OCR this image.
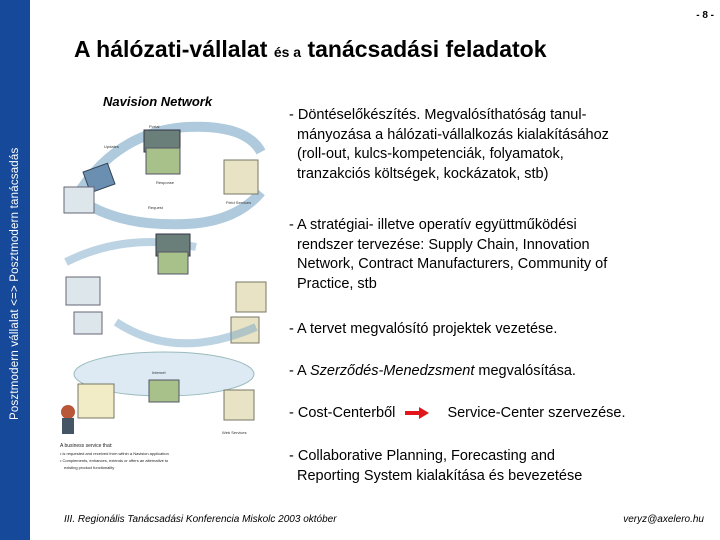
Posztmodern vállalat <=> Posztmodern tanácsadás
- 8 -
A hálózati-vállalat és a tanácsadási feladatok
Navision Network
Updates
Portal
Response
Field Services
Request
Internet
Web Services
A business service that:
• is requested and received from within a Navision application
• Complements, enhances, extends or offers an alternative to
existing product functionality
- Döntéselőkészítés. Megvalósíthatóság tanul-
mányozása a hálózati-vállalkozás kialakításához
(roll-out, kulcs-kompetenciák, folyamatok,
tranzakciós költségek, kockázatok, stb)
- A stratégiai- illetve operatív együttműködési
rendszer tervezése: Supply Chain, Innovation
Network, Contract Manufacturers, Community of
Practice, stb
- A tervet megvalósító projektek vezetése.
- A Szerződés-Menedzsment megvalósítása.
- Cost-Centerből	Service-Center szervezése.
- Collaborative Planning, Forecasting and
Reporting System kialakítása és bevezetése
III. Regionális Tanácsadási Konferencia Miskolc 2003 október	veryz@axelero.hu
